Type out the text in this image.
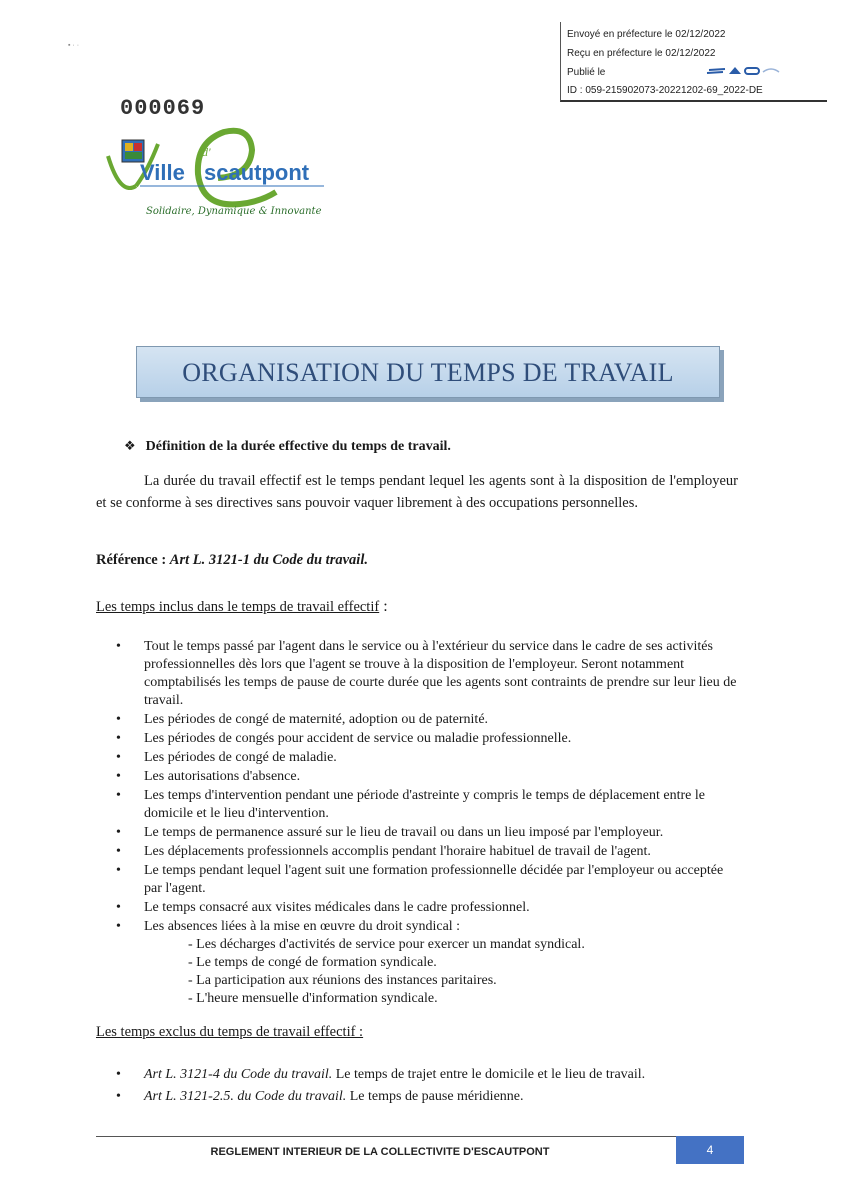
▪ · ·
Envoyé en préfecture le 02/12/2022
Reçu en préfecture le 02/12/2022
Publié le
ID : 059-215902073-20221202-69_2022-DE
000069
d'
Ville scautpont
Solidaire, Dynamique & Innovante
ORGANISATION DU TEMPS DE TRAVAIL
❖ Définition de la durée effective du temps de travail.
La durée du travail effectif est le temps pendant lequel les agents sont à la disposition de l'employeur et se conforme à ses directives sans pouvoir vaquer librement à des occupations personnelles.
Référence : Art L. 3121-1 du Code du travail.
Les temps inclus dans le temps de travail effectif :
• Tout le temps passé par l'agent dans le service ou à l'extérieur du service dans le cadre de ses activités professionnelles dès lors que l'agent se trouve à la disposition de l'employeur. Seront notamment comptabilisés les temps de pause de courte durée que les agents sont contraints de prendre sur leur lieu de travail.
• Les périodes de congé de maternité, adoption ou de paternité.
• Les périodes de congés pour accident de service ou maladie professionnelle.
• Les périodes de congé de maladie.
• Les autorisations d'absence.
• Les temps d'intervention pendant une période d'astreinte y compris le temps de déplacement entre le domicile et le lieu d'intervention.
• Le temps de permanence assuré sur le lieu de travail ou dans un lieu imposé par l'employeur.
• Les déplacements professionnels accomplis pendant l'horaire habituel de travail de l'agent.
• Le temps pendant lequel l'agent suit une formation professionnelle décidée par l'employeur ou acceptée par l'agent.
• Le temps consacré aux visites médicales dans le cadre professionnel.
• Les absences liées à la mise en œuvre du droit syndical :
- Les décharges d'activités de service pour exercer un mandat syndical.
- Le temps de congé de formation syndicale.
- La participation aux réunions des instances paritaires.
- L'heure mensuelle d'information syndicale.
Les temps exclus du temps de travail effectif :
• Art L. 3121-4 du Code du travail. Le temps de trajet entre le domicile et le lieu de travail.
• Art L. 3121-2.5. du Code du travail. Le temps de pause méridienne.
REGLEMENT INTERIEUR DE LA COLLECTIVITE D'ESCAUTPONT	4
